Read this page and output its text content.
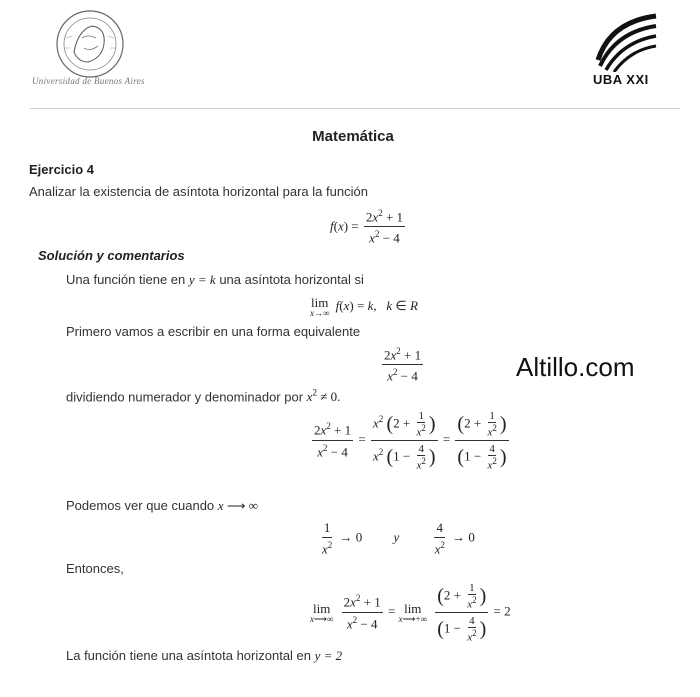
Universidad de Buenos Aires	UBA XXI
Matemática
Ejercicio 4
Analizar la existencia de asíntota horizontal para la función
$f(x) = \frac{2x^2 + 1}{x^2 - 4}$
Solución y comentarios
Una función tiene en y = k una asíntota horizontal si
lim
x→∞
f(x) = k,   k ∈ R
Primero vamos a escribir en una forma equivalente
$\frac{2x^2 + 1}{x^2 - 4}$	Altillo.com
dividiendo numerador y denominador por $x^2 \ne 0$.
$\frac{2x^2 + 1}{x^2 - 4} = \frac{x^2 (2 + \frac{1}{x^2} )}{x^2 (1 - \frac{4}{x^2} )} = \frac{(2 + \frac{1}{x^2} )}{(1 - \frac{4}{x^2} )}$
Podemos ver que cuando x ⟶ ∞
$\frac{1}{x^2} \to 0$ y	$\frac{4}{x^2} \to 0$
Entonces,
lim
x⟶∞
$\frac{2x^2 + 1}{x^2 - 4} = \lim$
x⟶+∞
$\frac{(2 + \frac{1}{x^2} )}{(1 - \frac{4}{x^2} )} = 2$
La función tiene una asíntota horizontal en y = 2
